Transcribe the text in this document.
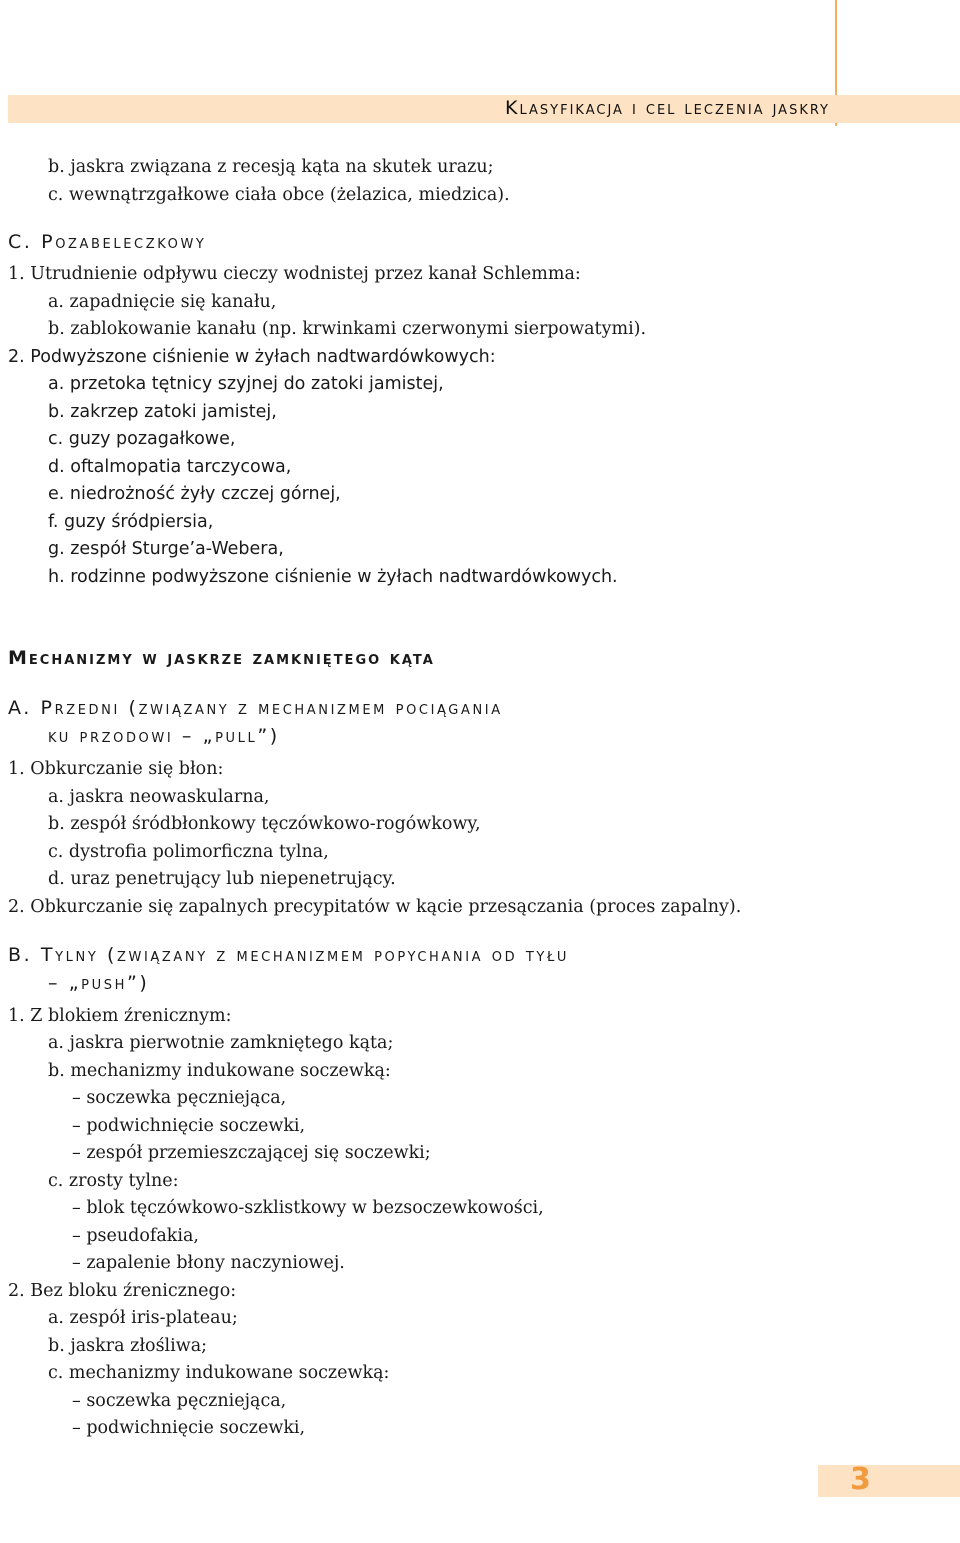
Klasyfikacja i cel leczenia jaskry
b. jaskra związana z recesją kąta na skutek urazu;
c. wewnątrzgałkowe ciała obce (żelazica, miedzica).
C. Pozabeleczkowy
1. Utrudnienie odpływu cieczy wodnistej przez kanał Schlemma:
a. zapadnięcie się kanału,
b. zablokowanie kanału (np. krwinkami czerwonymi sierpowatymi).
2. Podwyższone ciśnienie w żyłach nadtwardówkowych:
a. przetoka tętnicy szyjnej do zatoki jamistej,
b. zakrzep zatoki jamistej,
c. guzy pozagałkowe,
d. oftalmopatia tarczycowa,
e. niedrożność żyły czczej górnej,
f. guzy śródpiersia,
g. zespół Sturge’a-Webera,
h. rodzinne podwyższone ciśnienie w żyłach nadtwardówkowych.
Mechanizmy w jaskrze zamkniętego kąta
A. Przedni (związany z mechanizmem pociągania
ku przodowi – „pull”)
1. Obkurczanie się błon:
a. jaskra neowaskularna,
b. zespół śródbłonkowy tęczówkowo-rogówkowy,
c. dystrofia polimorficzna tylna,
d. uraz penetrujący lub niepenetrujący.
2. Obkurczanie się zapalnych precypitatów w kącie przesączania (proces zapalny).
B. Tylny (związany z mechanizmem popychania od tyłu
– „push”)
1. Z blokiem źrenicznym:
a. jaskra pierwotnie zamkniętego kąta;
b. mechanizmy indukowane soczewką:
– soczewka pęczniejąca,
– podwichnięcie soczewki,
– zespół przemieszczającej się soczewki;
c. zrosty tylne:
– blok tęczówkowo-szklistkowy w bezsoczewkowości,
– pseudofakia,
– zapalenie błony naczyniowej.
2. Bez bloku źrenicznego:
a. zespół iris-plateau;
b. jaskra złośliwa;
c. mechanizmy indukowane soczewką:
– soczewka pęczniejąca,
– podwichnięcie soczewki,
3
